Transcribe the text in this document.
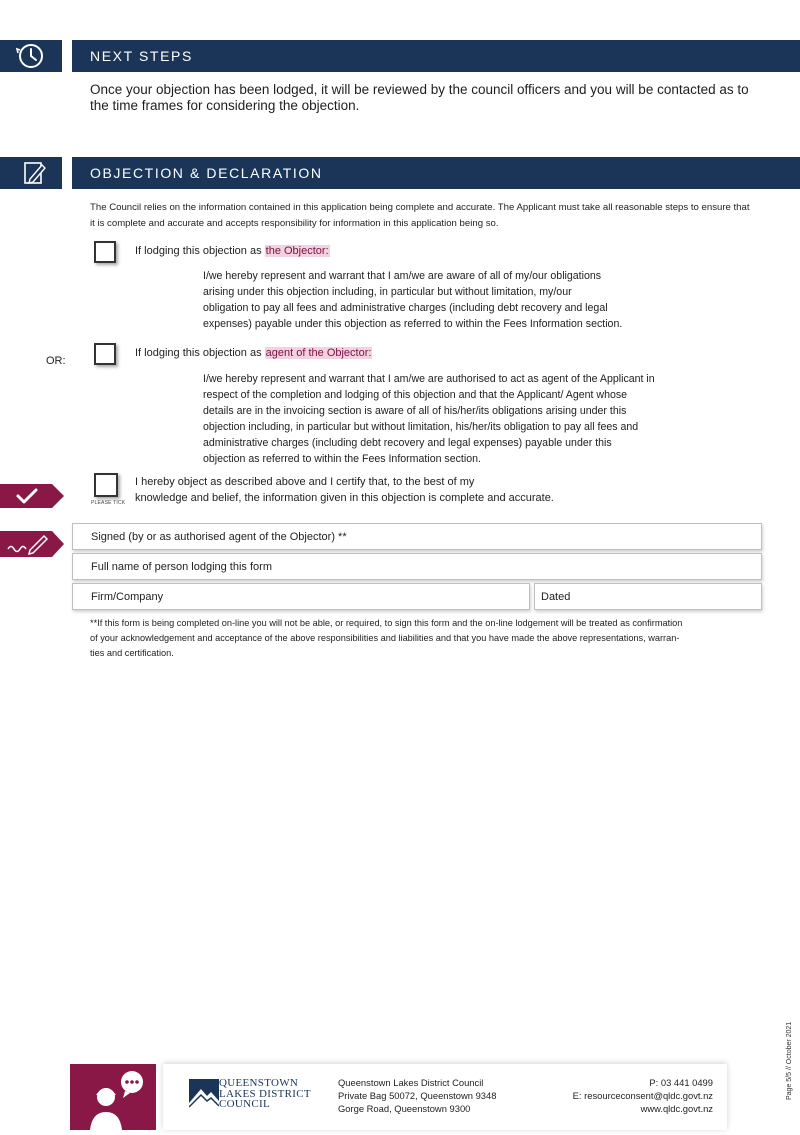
NEXT STEPS
Once your objection has been lodged, it will be reviewed by the council officers and you will be contacted as to the time frames for considering the objection.
OBJECTION & DECLARATION
The Council relies on the information contained in this application being complete and accurate. The Applicant must take all reasonable steps to ensure that it is complete and accurate and accepts responsibility for information in this application being so.
If lodging this objection as the Objector:
I/we hereby represent and warrant that I am/we are aware of all of my/our obligations
arising under this objection including, in particular but without limitation, my/our
obligation to pay all fees and administrative charges (including debt recovery and legal
expenses) payable under this objection as referred to within the Fees Information section.
OR:
If lodging this objection as agent of the Objector:
I/we hereby represent and warrant that I am/we are authorised to act as agent of the Applicant in
respect of the completion and lodging of this objection and that the Applicant/ Agent whose
details are in the invoicing section is aware of all of his/her/its obligations arising under this
objection including, in particular but without limitation, his/her/its obligation to pay all fees and
administrative charges (including debt recovery and legal expenses) payable under this
objection as referred to within the Fees Information section.
PLEASE TICK
I hereby object as described above and I certify that, to the best of my
knowledge and belief, the information given in this objection is complete and accurate.
Signed (by or as authorised agent of the Objector) **
Full name of person lodging this form
Firm/Company	Dated
**If this form is being completed on-line you will not be able, or required, to sign this form and the on-line lodgement will be treated as confirmation
of your acknowledgement and acceptance of the above responsibilities and liabilities and that you have made the above representations, warran-
ties and certification.
QUEENSTOWN
LAKES DISTRICT
COUNCIL
Queenstown Lakes District Council
Private Bag 50072, Queenstown 9348
Gorge Road, Queenstown 9300
P: 03 441 0499
E: resourceconsent@qldc.govt.nz
www.qldc.govt.nz
Page 5/5 // October 2021
